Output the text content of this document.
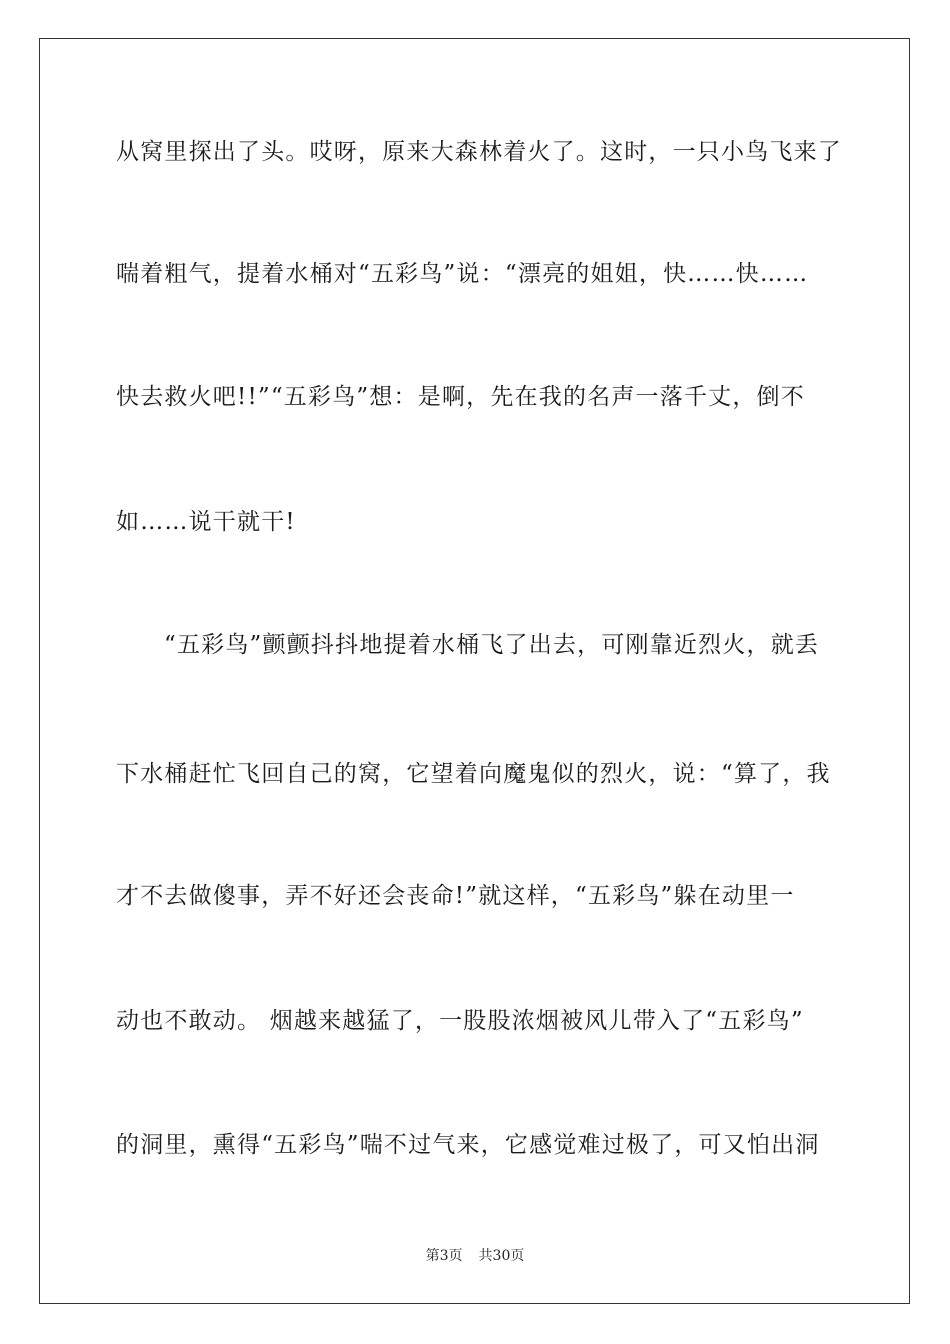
从窝里探出了头。哎呀，原来大森林着火了。这时，一只小鸟飞来了
喘着粗气，提着水桶对“五彩鸟”说：“漂亮的姐姐，快……快……
快去救火吧!!”“五彩鸟”想：是啊，先在我的名声一落千丈，倒不
如……说干就干!
“五彩鸟”颤颤抖抖地提着水桶飞了出去，可刚靠近烈火，就丢
下水桶赶忙飞回自己的窝，它望着向魔鬼似的烈火，说：“算了，我
才不去做傻事，弄不好还会丧命!”就这样，“五彩鸟”躲在动里一
动也不敢动。 烟越来越猛了，一股股浓烟被风儿带入了“五彩鸟”
的洞里，熏得“五彩鸟”喘不过气来，它感觉难过极了，可又怕出洞
第3页 共30页
